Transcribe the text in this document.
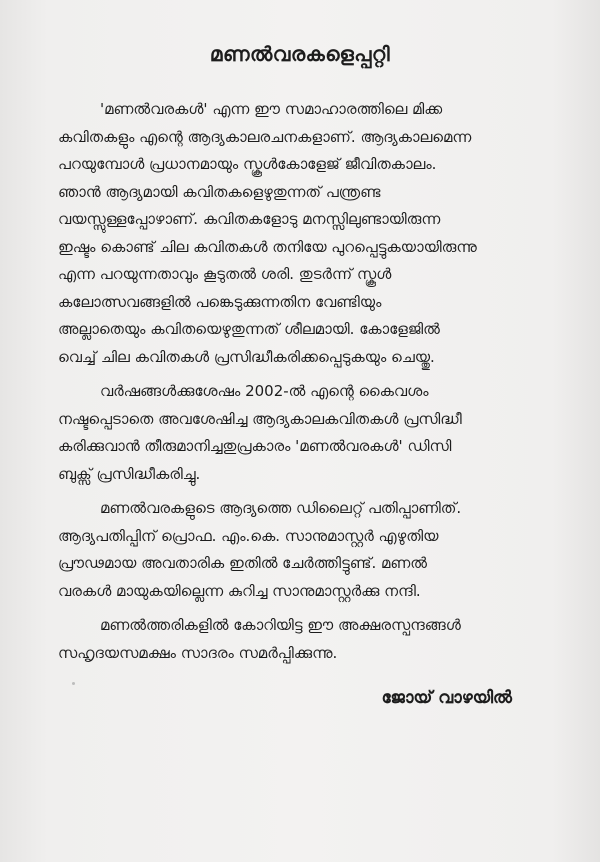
മണൽവരകളെപ്പറ്റി

'മണൽവരകൾ' എന്ന ഈ സമാഹാരത്തിലെ മിക്ക
കവിതകളും എന്റെ ആദ്യകാലരചനകളാണ്. ആദ്യകാലമെന്ന
പറയുമ്പോൾ പ്രധാനമായും സ്കൂൾകോളേജ് ജീവിതകാലം.
ഞാൻ ആദ്യമായി കവിതകളെഴുതുന്നത് പന്ത്രണ്ട
വയസ്സുള്ളപ്പോഴാണ്. കവിതകളോടു മനസ്സിലുണ്ടായിരുന്ന
ഇഷ്ടം കൊണ്ട് ചില കവിതകൾ തനിയേ പുറപ്പെട്ടുകയായിരുന്നു
എന്ന പറയുന്നതാവും കൂടുതൽ ശരി. തുടർന്ന് സ്കൂൾ
കലോത്സവങ്ങളിൽ പങ്കെടുക്കുന്നതിന വേണ്ടിയും
അല്ലാതെയും കവിതയെഴുതുന്നത് ശീലമായി. കോളേജിൽ
വെച്ച് ചില കവിതകൾ പ്രസിദ്ധീകരിക്കപ്പെടുകയും ചെയ്തു.

വർഷങ്ങൾക്കുശേഷം 2002-ൽ എന്റെ കൈവശം
നഷ്ടപ്പെടാതെ അവശേഷിച്ച ആദ്യകാലകവിതകൾ പ്രസിദ്ധീ
കരിക്കുവാൻ തീരുമാനിച്ചതുപ്രകാരം 'മണൽവരകൾ' ഡിസി
ബുക്സ് പ്രസിദ്ധീകരിച്ചു.

മണൽവരകളുടെ ആദ്യത്തെ ഡിലൈറ്റ് പതിപ്പാണിത്.
ആദ്യപതിപ്പിന് പ്രൊഫ. എം.കെ. സാനുമാസ്റ്റർ എഴുതിയ
പ്രൗഢമായ അവതാരിക ഇതിൽ ചേർത്തിട്ടുണ്ട്. മണൽ
വരകൾ മായുകയില്ലെന്ന കുറിച്ച സാനുമാസ്റ്റർക്കു നന്ദി.

മണൽത്തരികളിൽ കോറിയിട്ട ഈ അക്ഷരസ്പന്ദങ്ങൾ
സഹൃദയസമക്ഷം സാദരം സമർപ്പിക്കുന്നു.

ജോയ് വാഴയിൽ
